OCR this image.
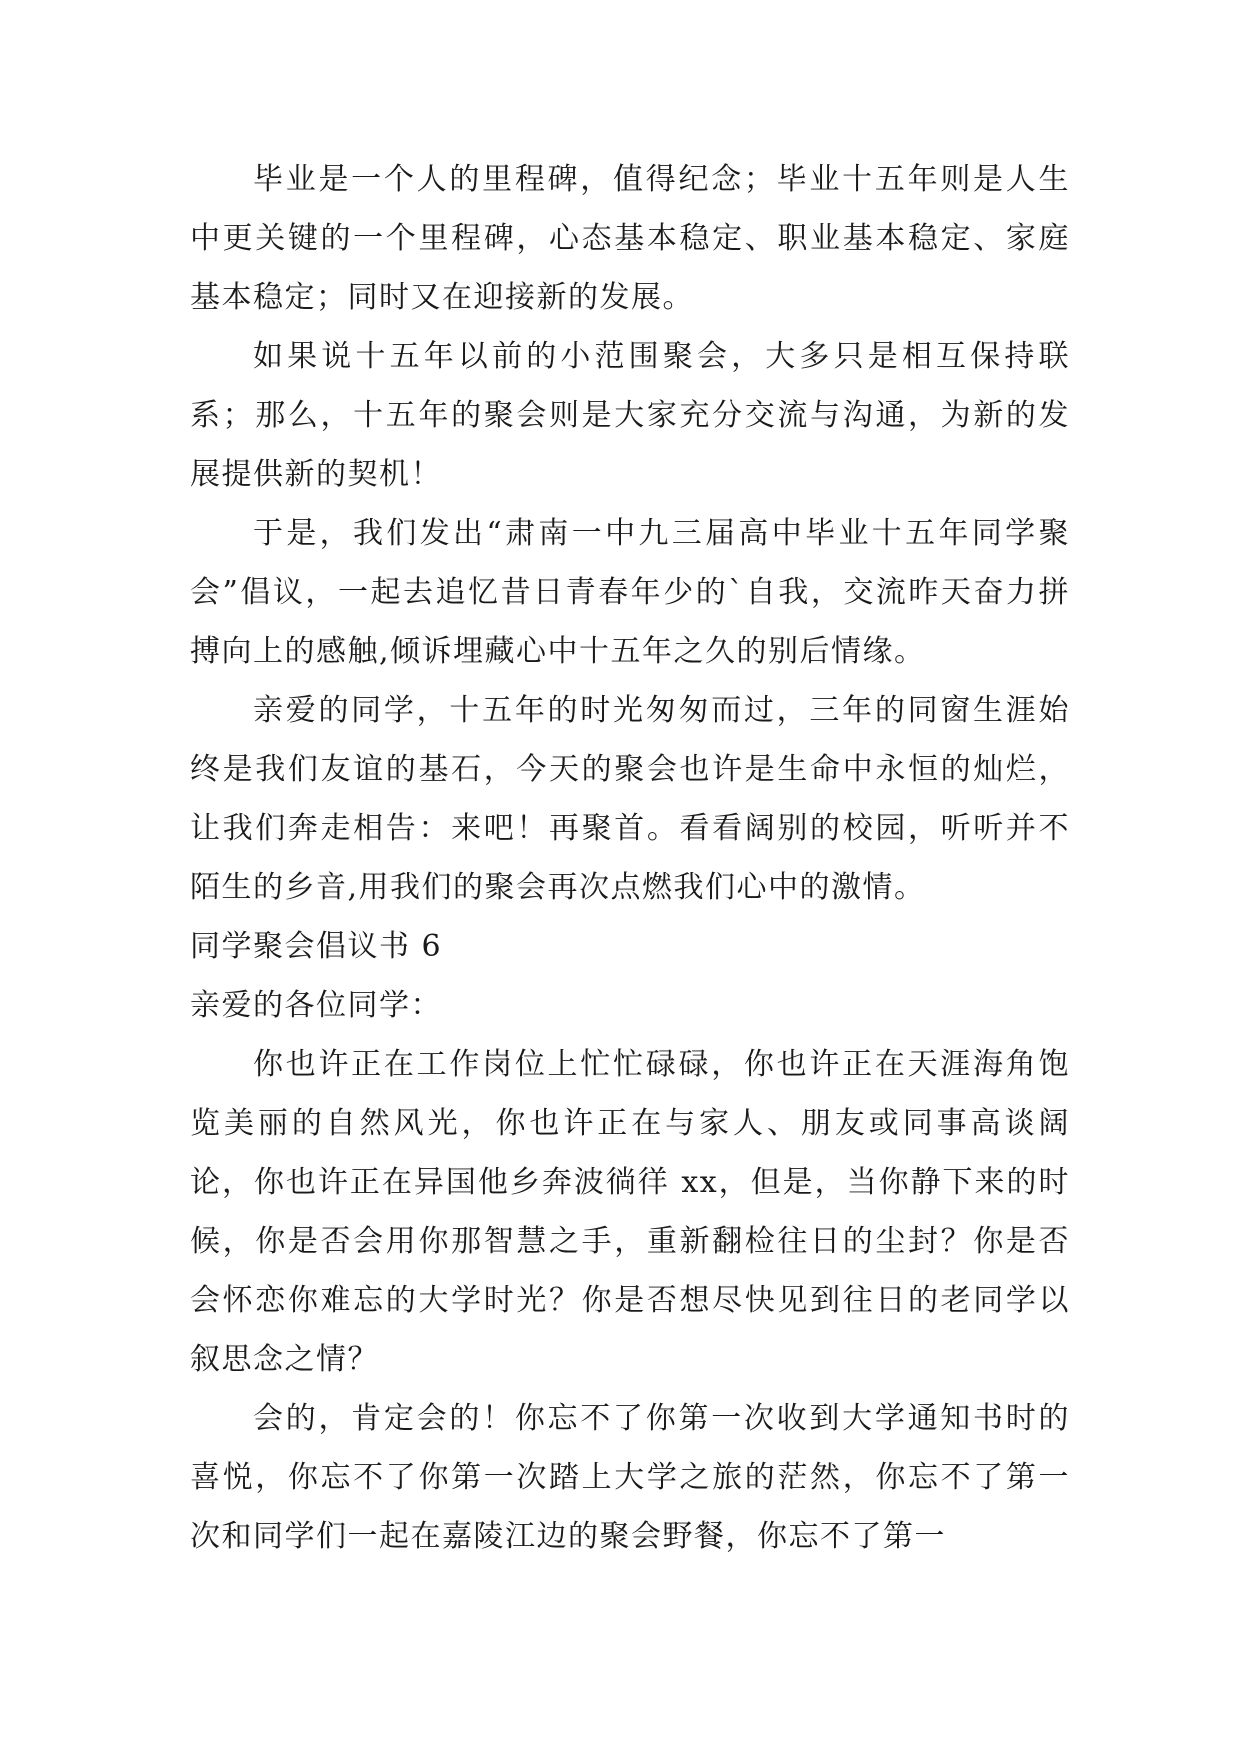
毕业是一个人的里程碑，值得纪念；毕业十五年则是人生中更关键的一个里程碑，心态基本稳定、职业基本稳定、家庭基本稳定；同时又在迎接新的发展。

如果说十五年以前的小范围聚会，大多只是相互保持联系；那么，十五年的聚会则是大家充分交流与沟通，为新的发展提供新的契机！

于是，我们发出“肃南一中九三届高中毕业十五年同学聚会”倡议，一起去追忆昔日青春年少的`自我，交流昨天奋力拼搏向上的感触,倾诉埋藏心中十五年之久的别后情缘。

亲爱的同学，十五年的时光匆匆而过，三年的同窗生涯始终是我们友谊的基石，今天的聚会也许是生命中永恒的灿烂，让我们奔走相告：来吧！再聚首。看看阔别的校园，听听并不陌生的乡音,用我们的聚会再次点燃我们心中的激情。

同学聚会倡议书 6

亲爱的各位同学：

你也许正在工作岗位上忙忙碌碌，你也许正在天涯海角饱览美丽的自然风光，你也许正在与家人、朋友或同事高谈阔论，你也许正在异国他乡奔波徜徉 xx，但是，当你静下来的时候，你是否会用你那智慧之手，重新翻检往日的尘封？你是否会怀恋你难忘的大学时光？你是否想尽快见到往日的老同学以叙思念之情？

会的，肯定会的！你忘不了你第一次收到大学通知书时的喜悦，你忘不了你第一次踏上大学之旅的茫然，你忘不了第一次和同学们一起在嘉陵江边的聚会野餐，你忘不了第一
